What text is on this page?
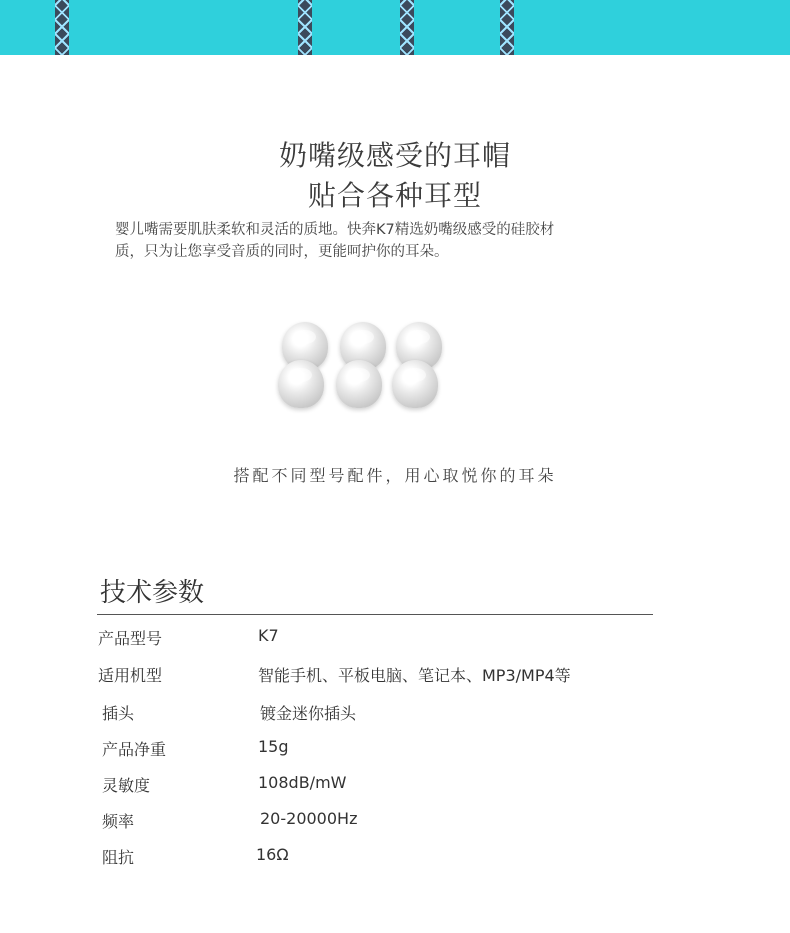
奶嘴级感受的耳帽
贴合各种耳型

婴儿嘴需要肌肤柔软和灵活的质地。快奔K7精选奶嘴级感受的硅胶材
质，只为让您享受音质的同时，更能呵护你的耳朵。

搭配不同型号配件，用心取悦你的耳朵

技术参数
产品型号	K7
适用机型	智能手机、平板电脑、笔记本、MP3/MP4等
插头	镀金迷你插头
产品净重	15g
灵敏度	108dB/mW
频率	20-20000Hz
阻抗	16Ω
